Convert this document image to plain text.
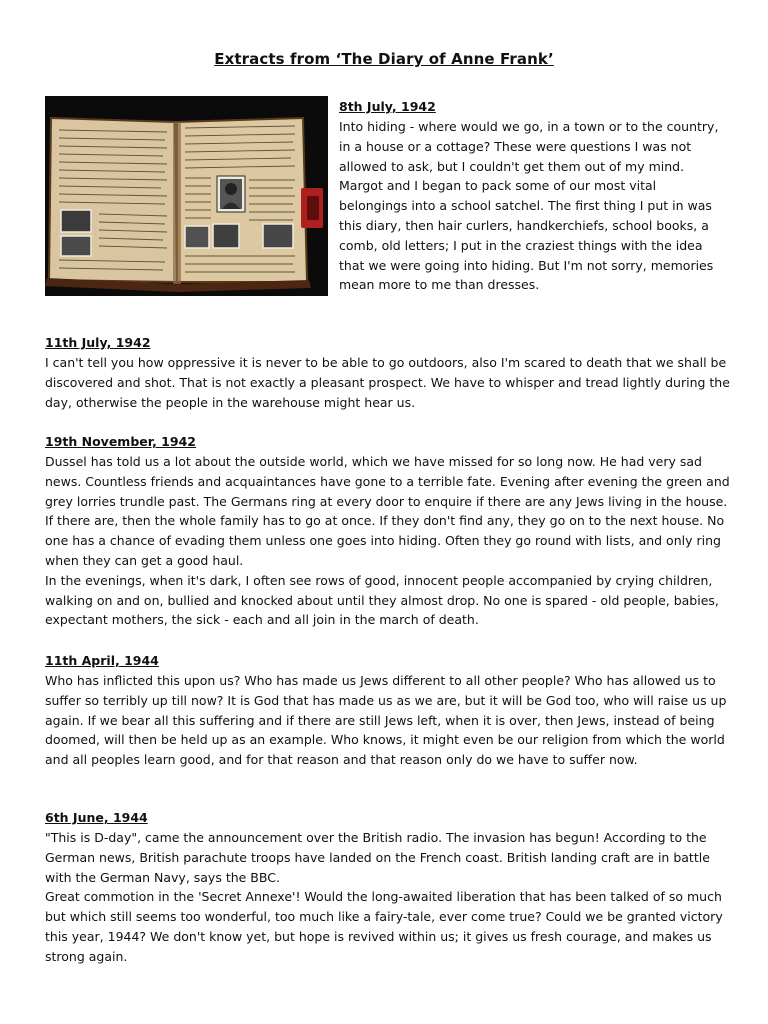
Extracts from ‘The Diary of Anne Frank’
8th July, 1942

Into hiding - where would we go, in a town or to the country, in a house or a cottage? These were questions I was not allowed to ask, but I couldn't get them out of my mind. Margot and I began to pack some of our most vital belongings into a school satchel. The first thing I put in was this diary, then hair curlers, handkerchiefs, school books, a comb, old letters; I put in the craziest things with the idea that we were going into hiding. But I'm not sorry, memories mean more to me than dresses.

11th July, 1942

I can't tell you how oppressive it is never to be able to go outdoors, also I'm scared to death that we shall be discovered and shot. That is not exactly a pleasant prospect. We have to whisper and tread lightly during the day, otherwise the people in the warehouse might hear us.

19th November, 1942

Dussel has told us a lot about the outside world, which we have missed for so long now. He had very sad news. Countless friends and acquaintances have gone to a terrible fate. Evening after evening the green and grey lorries trundle past. The Germans ring at every door to enquire if there are any Jews living in the house. If there are, then the whole family has to go at once. If they don't find any, they go on to the next house. No one has a chance of evading them unless one goes into hiding. Often they go round with lists, and only ring when they can get a good haul.

In the evenings, when it's dark, I often see rows of good, innocent people accompanied by crying children, walking on and on, bullied and knocked about until they almost drop. No one is spared - old people, babies, expectant mothers, the sick - each and all join in the march of death.

11th April, 1944

Who has inflicted this upon us? Who has made us Jews different to all other people? Who has allowed us to suffer so terribly up till now? It is God that has made us as we are, but it will be God too, who will raise us up again. If we bear all this suffering and if there are still Jews left, when it is over, then Jews, instead of being doomed, will then be held up as an example. Who knows, it might even be our religion from which the world and all peoples learn good, and for that reason and that reason only do we have to suffer now.

6th June, 1944

"This is D-day", came the announcement over the British radio. The invasion has begun! According to the German news, British parachute troops have landed on the French coast. British landing craft are in battle with the German Navy, says the BBC.

Great commotion in the 'Secret Annexe'! Would the long-awaited liberation that has been talked of so much but which still seems too wonderful, too much like a fairy-tale, ever come true? Could we be granted victory this year, 1944? We don't know yet, but hope is revived within us; it gives us fresh courage, and makes us strong again.
